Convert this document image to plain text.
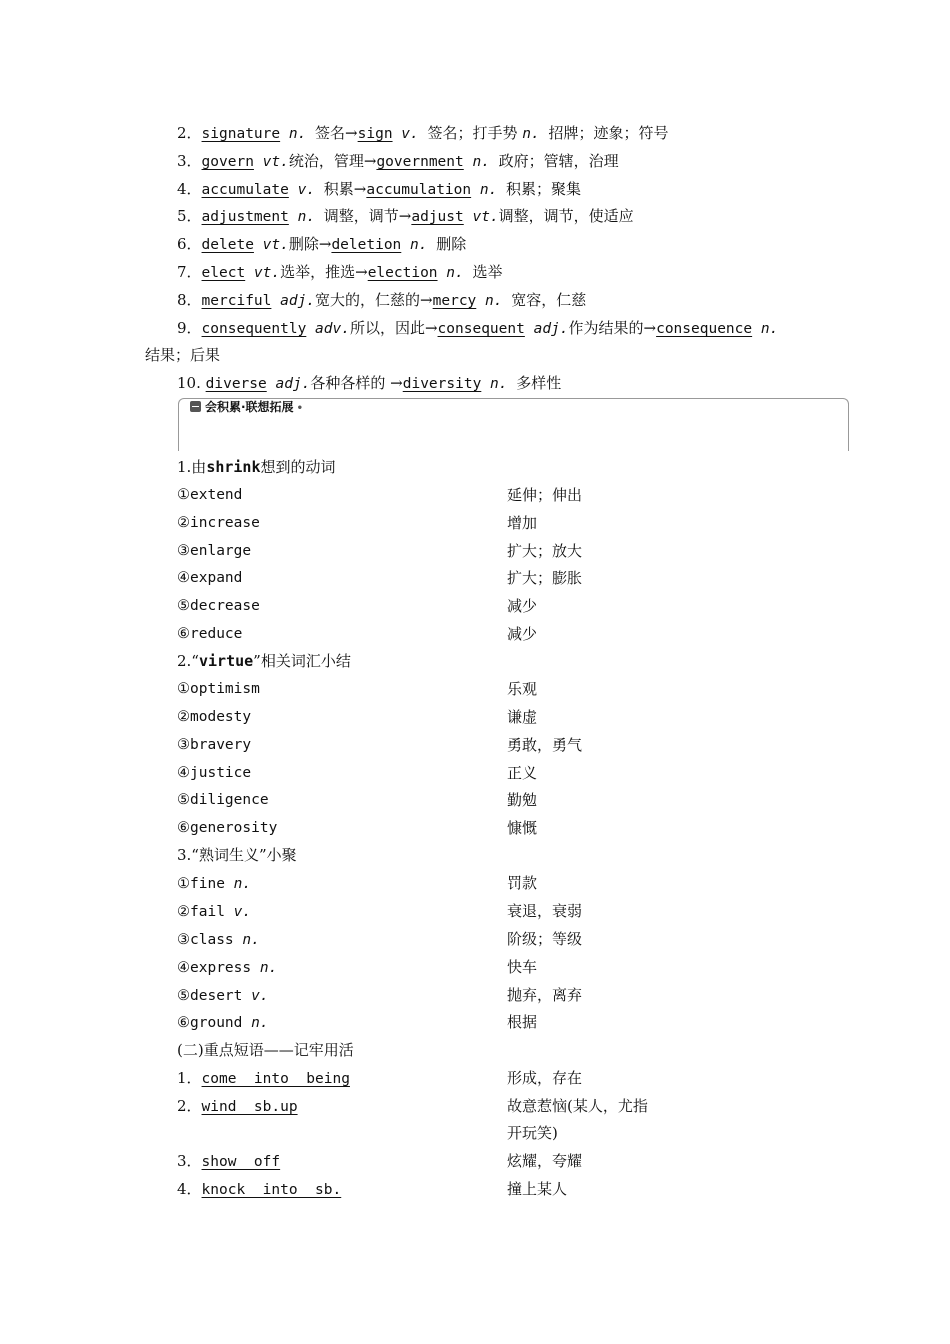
2．signature n. 签名→sign v. 签名；打手势 n. 招牌；迹象；符号
3．govern vt.统治，管理→government n. 政府；管辖，治理
4．accumulate v. 积累→accumulation n. 积累；聚集
5．adjustment n. 调整，调节→adjust vt.调整，调节，使适应
6．delete vt.删除→deletion n. 删除
7．elect vt.选举，推选→election n. 选举
8．merciful adj.宽大的，仁慈的→mercy n. 宽容，仁慈
9．consequently adv.所以，因此→consequent adj.作为结果的→consequence n.
结果；后果
10. diverse adj.各种各样的 →diversity n. 多样性
会积累·联想拓展 •
1.由shrink想到的动词
①extend	延伸；伸出
②increase	增加
③enlarge	扩大；放大
④expand	扩大；膨胀
⑤decrease	减少
⑥reduce	减少
2.“virtue”相关词汇小结
①optimism	乐观
②modesty	谦虚
③bravery	勇敢，勇气
④justice	正义
⑤diligence	勤勉
⑥generosity	慷慨
3.“熟词生义”小聚
①fine n.	罚款
②fail v.	衰退，衰弱
③class n.	阶级；等级
④express n.	快车
⑤desert v.	抛弃，离弃
⑥ground n.	根据
(二)重点短语——记牢用活
1．come  into  being	形成，存在
2．wind  sb.up	故意惹恼(某人，尤指
开玩笑)
3．show  off	炫耀，夸耀
4．knock  into  sb.	撞上某人
